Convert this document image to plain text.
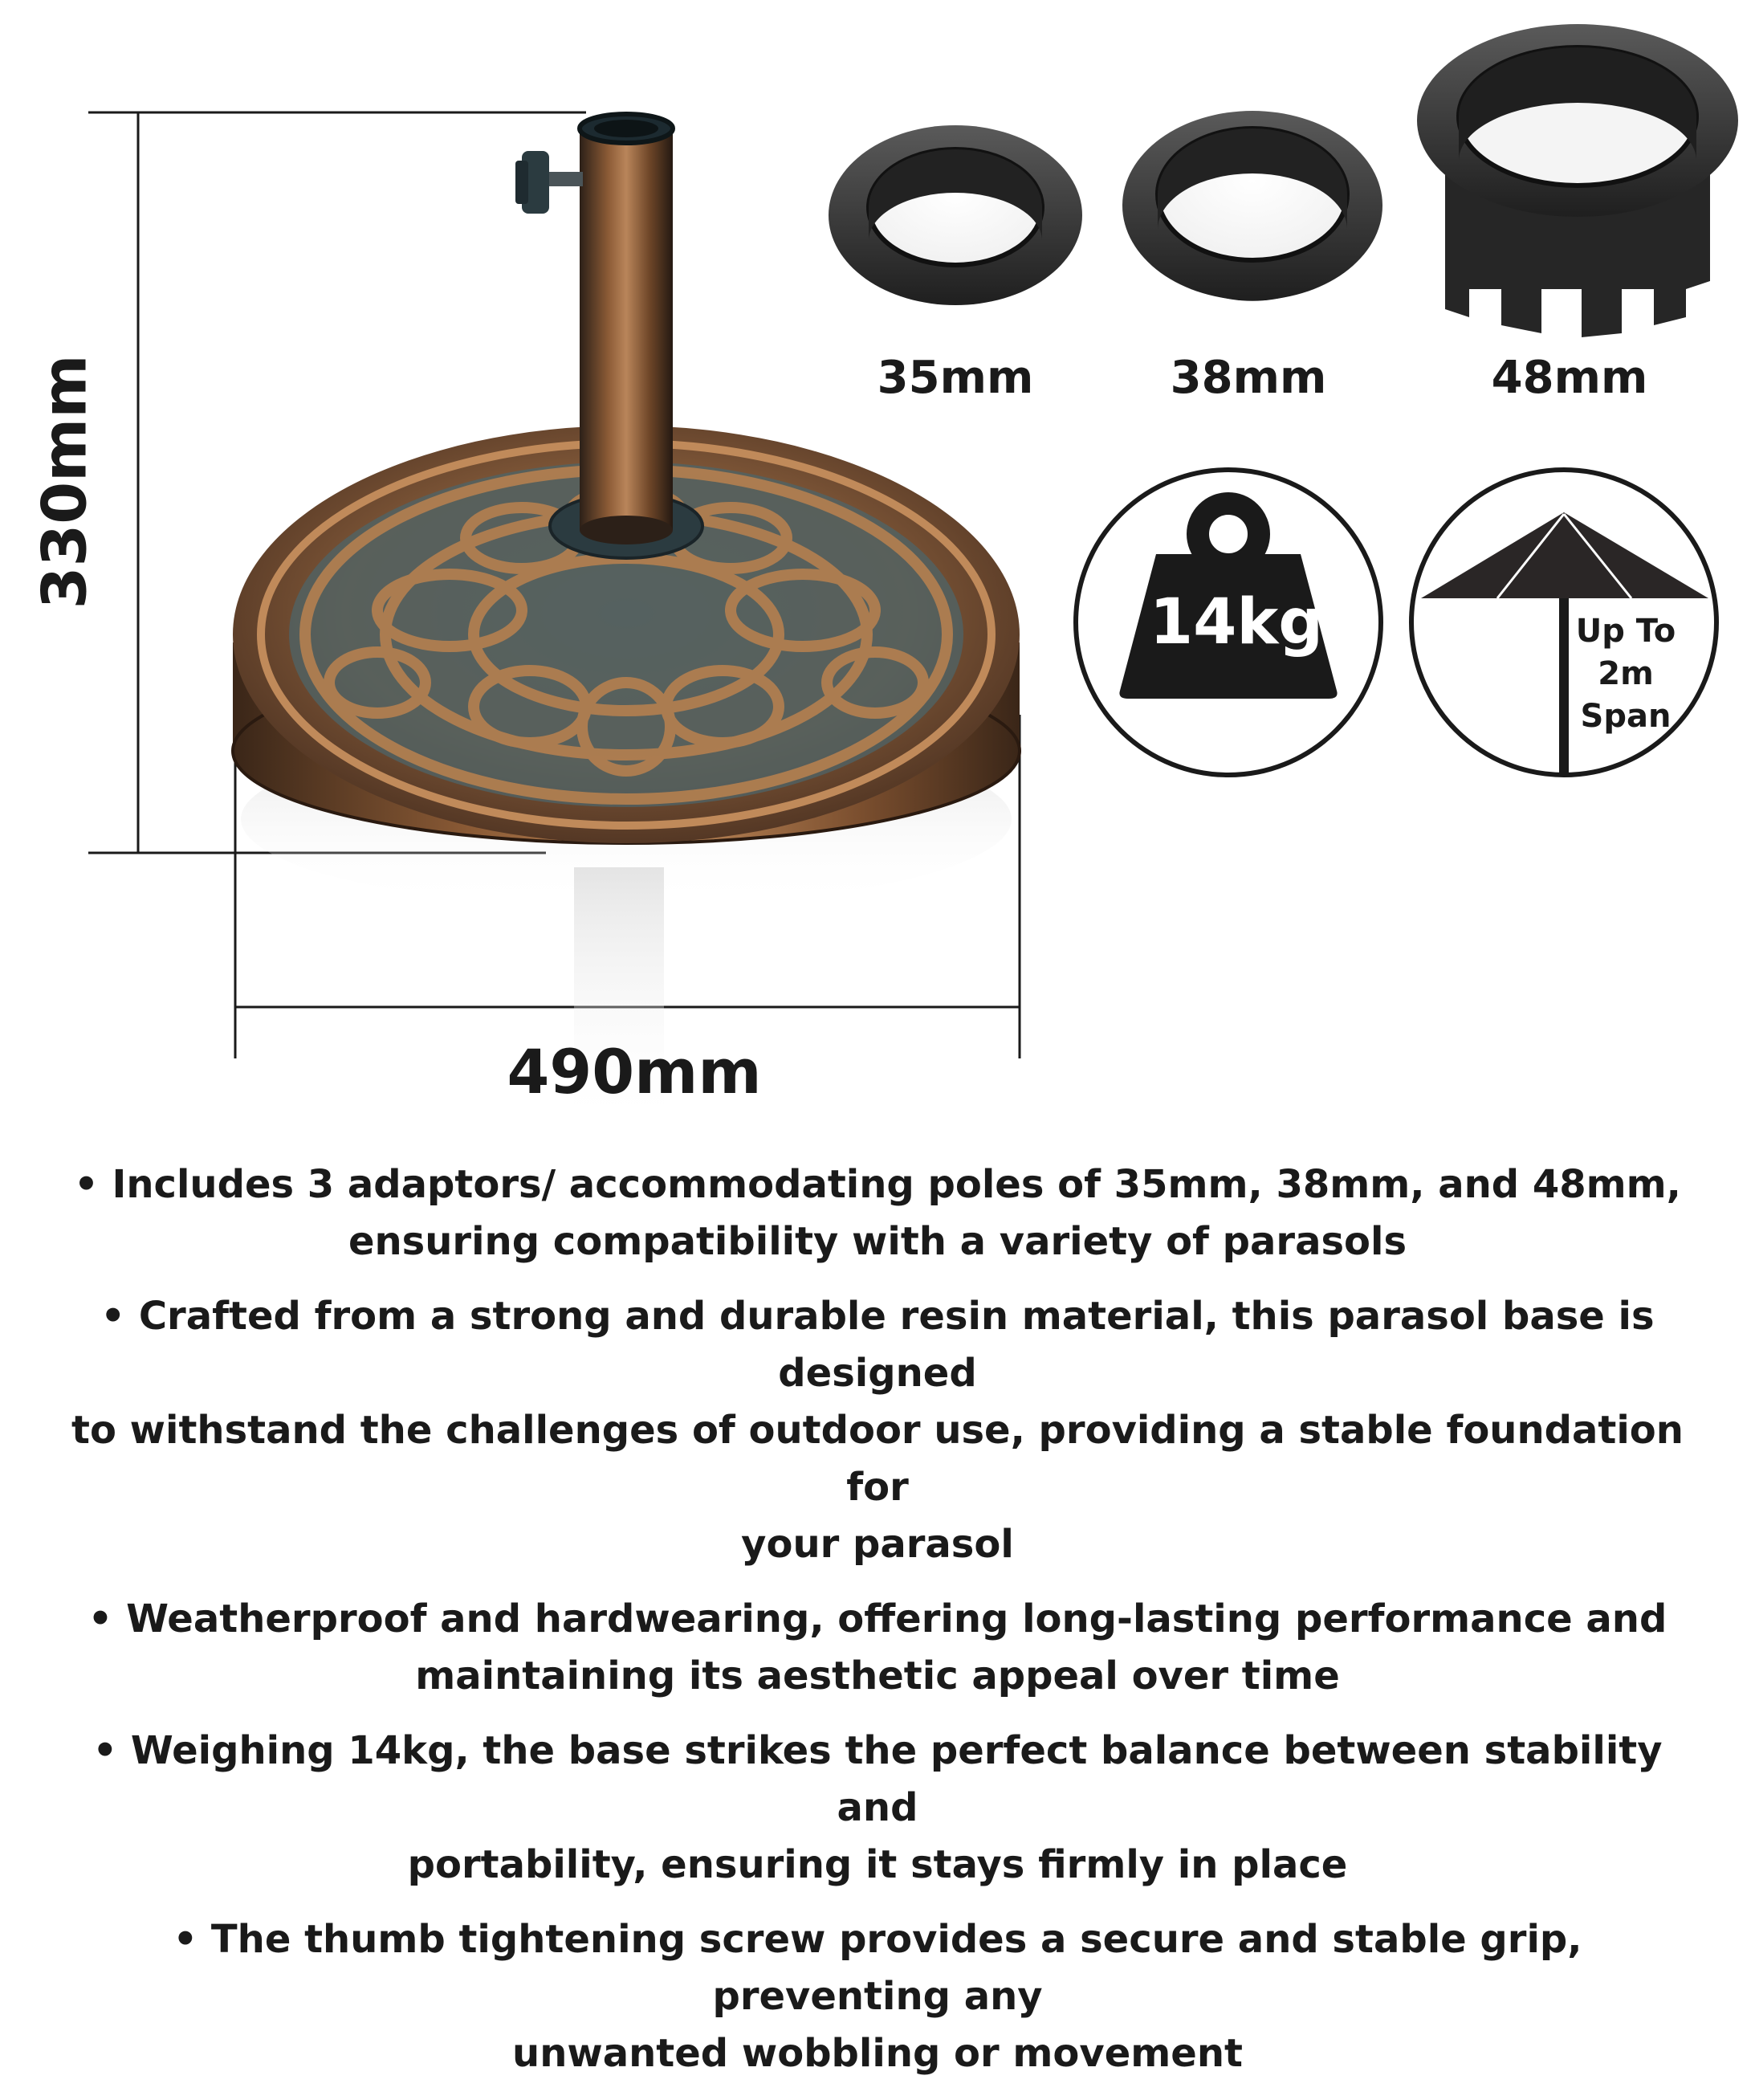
330mm
490mm
35mm	38mm	48mm
14kg	Up To
2m
Span
• Includes 3 adaptors/ accommodating poles of 35mm, 38mm, and 48mm,
ensuring compatibility with a variety of parasols
• Crafted from a strong and durable resin material, this parasol base is designed
to withstand the challenges of outdoor use, providing a stable foundation for
your parasol
• Weatherproof and hardwearing, offering long-lasting performance and
maintaining its aesthetic appeal over time
• Weighing 14kg, the base strikes the perfect balance between stability and
portability, ensuring it stays firmly in place
• The thumb tightening screw provides a secure and stable grip, preventing any
unwanted wobbling or movement
